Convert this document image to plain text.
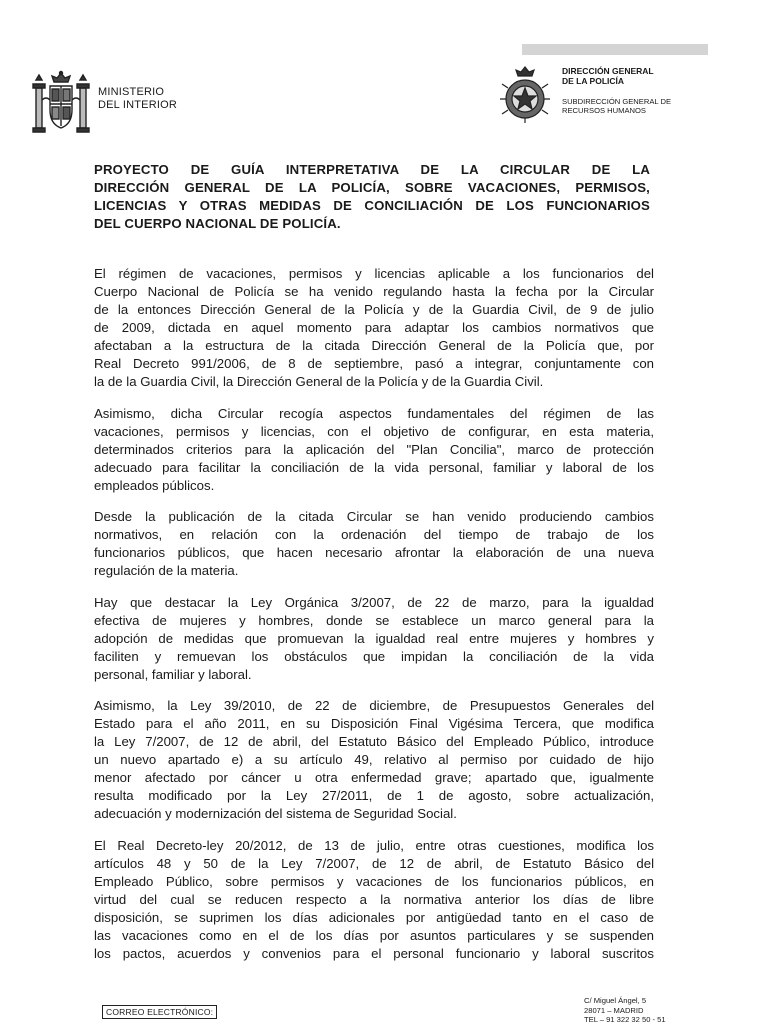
MINISTERIO
DEL INTERIOR
DIRECCIÓN GENERAL
DE LA POLICÍA
SUBDIRECCIÓN GENERAL DE
RECURSOS HUMANOS
PROYECTO DE GUÍA INTERPRETATIVA DE LA CIRCULAR DE LA
DIRECCIÓN GENERAL DE LA POLICÍA, SOBRE VACACIONES, PERMISOS,
LICENCIAS Y OTRAS MEDIDAS DE CONCILIACIÓN DE LOS FUNCIONARIOS
DEL CUERPO NACIONAL DE POLICÍA.
El régimen de vacaciones, permisos y licencias aplicable a los funcionarios del
Cuerpo Nacional de Policía se ha venido regulando hasta la fecha por la Circular
de la entonces Dirección General de la Policía y de la Guardia Civil, de 9 de julio
de 2009, dictada en aquel momento para adaptar los cambios normativos que
afectaban a la estructura de la citada Dirección General de la Policía que, por
Real Decreto 991/2006, de 8 de septiembre, pasó a integrar, conjuntamente con
la de la Guardia Civil, la Dirección General de la Policía y de la Guardia Civil.
Asimismo, dicha Circular recogía aspectos fundamentales del régimen de las
vacaciones, permisos y licencias, con el objetivo de configurar, en esta materia,
determinados criterios para la aplicación del "Plan Concilia", marco de protección
adecuado para facilitar la conciliación de la vida personal, familiar y laboral de los
empleados públicos.
Desde la publicación de la citada Circular se han venido produciendo cambios
normativos, en relación con la ordenación del tiempo de trabajo de los
funcionarios públicos, que hacen necesario afrontar la elaboración de una nueva
regulación de la materia.
Hay que destacar la Ley Orgánica 3/2007, de 22 de marzo, para la igualdad
efectiva de mujeres y hombres, donde se establece un marco general para la
adopción de medidas que promuevan la igualdad real entre mujeres y hombres y
faciliten y remuevan los obstáculos que impidan la conciliación de la vida
personal, familiar y laboral.
Asimismo, la Ley 39/2010, de 22 de diciembre, de Presupuestos Generales del
Estado para el año 2011, en su Disposición Final Vigésima Tercera, que modifica
la Ley 7/2007, de 12 de abril, del Estatuto Básico del Empleado Público, introduce
un nuevo apartado e) a su artículo 49, relativo al permiso por cuidado de hijo
menor afectado por cáncer u otra enfermedad grave; apartado que, igualmente
resulta modificado por la Ley 27/2011, de 1 de agosto, sobre actualización,
adecuación y modernización del sistema de Seguridad Social.
El Real Decreto-ley 20/2012, de 13 de julio, entre otras cuestiones, modifica los
artículos 48 y 50 de la Ley 7/2007, de 12 de abril, de Estatuto Básico del
Empleado Público, sobre permisos y vacaciones de los funcionarios públicos, en
virtud del cual se reducen respecto a la normativa anterior los días de libre
disposición, se suprimen los días adicionales por antigüedad tanto en el caso de
las vacaciones como en el de los días por asuntos particulares y se suspenden
los pactos, acuerdos y convenios para el personal funcionario y laboral suscritos
CORREO ELECTRÓNICO:
C/ Miguel Ángel, 5
28071 – MADRID
TEL – 91 322 32 50 - 51
